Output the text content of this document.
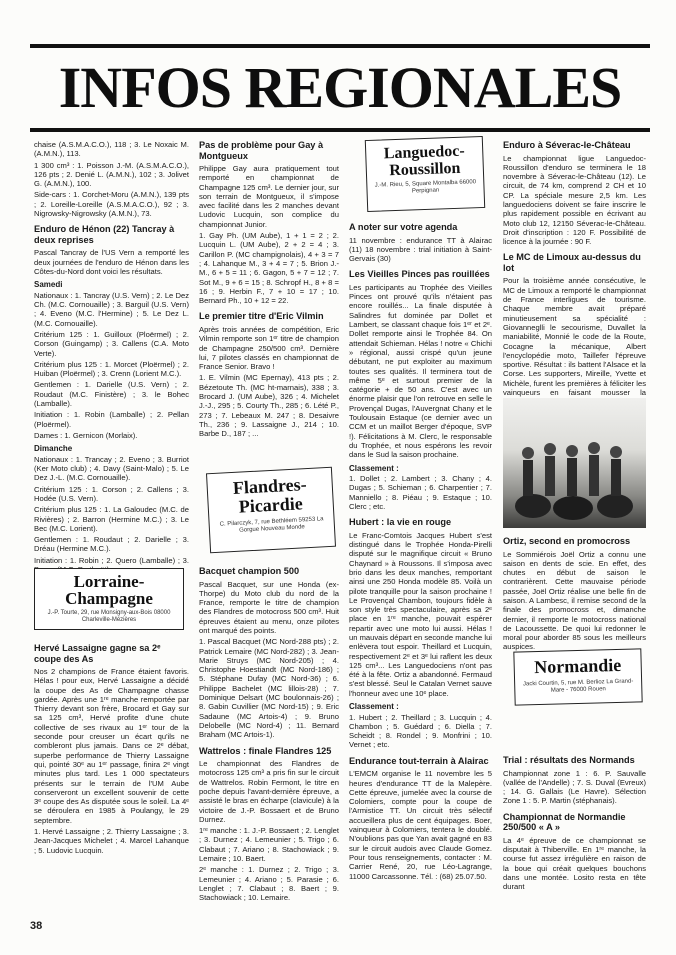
INFOS REGIONALES

chaise (A.S.M.A.C.O.), 118 ; 3. Le Noxaic M. (A.M.N.), 113.

1 300 cm³ : 1. Poisson J.-M. (A.S.M.A.C.O.), 126 pts ; 2. Denié L. (A.M.N.), 102 ; 3. Jolivet G. (A.M.N.), 100.

Side-cars : 1. Corchet-Moru (A.M.N.), 139 pts ; 2. Loreille-Loreille (A.S.M.A.C.O.), 92 ; 3. Nigrowsky-Nigrowsky (A.M.N.), 73.

Enduro de Hénon (22) Tancray à deux reprises

Pascal Tancray de l'US Vern a remporté les deux journées de l'enduro de Hénon dans les Côtes-du-Nord dont voici les résultats.

Samedi

Nationaux : 1. Tancray (U.S. Vern) ; 2. Le Dez Ch. (M.C. Cornouaille) ; 3. Barguil (U.S. Vern) ; 4. Eveno (M.C. l'Hermine) ; 5. Le Dez L. (M.C. Cornouaille).

Critérium 125 : 1. Guilloux (Ploërmel) ; 2. Corson (Guingamp) ; 3. Callens (C.A. Moto Verte).

Critérium plus 125 : 1. Morcet (Ploërmel) ; 2. Huiban (Ploërmel) ; 3. Crenn (Lorient M.C.).

Gentlemen : 1. Darielle (U.S. Vern) ; 2. Roudaut (M.C. Finistère) ; 3. le Bohec (Lamballe).

Initiation : 1. Robin (Lamballe) ; 2. Pellan (Ploërmel).

Dames : 1. Gernicon (Morlaix).

Dimanche

Nationaux : 1. Trancay ; 2. Eveno ; 3. Burriot (Ker Moto club) ; 4. Davy (Saint-Malo) ; 5. Le Dez J.-L. (M.C. Cornouaille).

Critérium 125 : 1. Corson ; 2. Callens ; 3. Hodée (U.S. Vern).

Critérium plus 125 : 1. La Galoudec (M.C. de Rivières) ; 2. Barron (Hermine M.C.) ; 3. Le Bec (M.C. Lorient).

Gentlemen : 1. Roudaut ; 2. Darielle ; 3. Dréau (Hermine M.C.).

Initiation : 1. Robin ; 2. Quero (Lamballe) ; 3.

Lorraine-
Champagne
J.-P. Tourte, 29, rue Monsigny-aux-Bois 08000 Charleville-Mézières
Hervé Lassaigne gagne sa 2ᵉ coupe des As

Nos 2 champions de France étaient favoris. Hélas ! pour eux, Hervé Lassaigne a décidé la coupe des As de Champagne chasse gardée. Après une 1ʳᵉ manche remportée par Thierry devant son frère, Brocard et Gay sur sa 125 cm³, Hervé profite d'une chute collective de ses rivaux au 1ᵉʳ tour de la seconde pour creuser un écart qu'ils ne combleront plus jamais. Dans ce 2ᵉ débat, superbe performance de Thierry Lassaigne qui, pointé 30ᵉ au 1ᵉʳ passage, finira 2ᵉ vingt minutes plus tard. Les 1 000 spectateurs présents sur le terrain de l'UM Aube conserveront un excellent souvenir de cette 3ᵉ coupe des As disputée sous le soleil. La 4ᵉ se déroulera en 1985 à Poulangy, le 29 septembre.

1. Hervé Lassaigne ; 2. Thierry Lassaigne ; 3. Jean-Jacques Michelet ; 4. Marcel Lahanque ; 5. Ludovic Lucquin.

Pas de problème pour Gay à Montgueux

Philippe Gay aura pratiquement tout remporté en championnat de Champagne 125 cm³. Le dernier jour, sur son terrain de Montgueux, il s'impose avec facilité dans les 2 manches devant Ludovic Lucquin, son complice du championnat Junior.

1. Gay Ph. (UM Aube), 1 + 1 = 2 ; 2. Lucquin L. (UM Aube), 2 + 2 = 4 ; 3. Carillon P. (MC champignolais), 4 + 3 = 7 ; 4. Lahanque M., 3 + 4 = 7 ; 5. Brion J.-M., 6 + 5 = 11 ; 6. Gagon, 5 + 7 = 12 ; 7. Sot M., 9 + 6 = 15 ; 8. Schropf H., 8 + 8 = 16 ; 9. Herbin F., 7 + 10 = 17 ; 10. Bernard Ph., 10 + 12 = 22.

Le premier titre d'Eric Vilmin

Après trois années de compétition, Eric Vilmin remporte son 1ᵉʳ titre de champion de Champagne 250/500 cm³. Dernière lui, 7 pilotes classés en championnat de France Senior. Bravo !

1. E. Vilmin (MC Epernay), 413 pts ; 2. Bézetoute Th. (MC ht-marnais), 338 ; 3. Brocard J. (UM Aube), 326 ; 4. Michelet J.-J., 295 ; 5. Courty Th., 285 ; 6. Lété P., 273 ; 7. Lebeaux M. 247 ; 8. Desaivre Th., 236 ; 9. Lassaigne J., 214 ; 10. Barbe D., 187 ; ...

Flandres-
Picardie
C. Pilarczyk, 7, rue Bethléem 59253 La Gorgue Nouveau Monde
Bacquet champion 500

Pascal Bacquet, sur une Honda (ex-Thorpe) du Moto club du nord de la France, remporte le titre de champion des Flandres de motocross 500 cm³. Huit épreuves étaient au menu, onze pilotes ont marqué des points.

1. Pascal Bacquet (MC Nord-288 pts) ; 2. Patrick Lemaire (MC Nord-282) ; 3. Jean-Marie Struys (MC Nord-205) ; 4. Christophe Hoestiandt (MC Nord-186) ; 5. Stéphane Dufay (MC Nord-36) ; 6. Philippe Bachelet (MC lillois-28) ; 7. Dominique Delsart (MC boulonnais-26) ; 8. Gabin Cuvillier (MC Nord-15) ; 9. Eric Sadaune (MC Artois-4) ; 9. Bruno Delobelle (MC Nord-4) ; 11. Bernard Braham (MC Artois-1).

Wattrelos : finale Flandres 125

Le championnat des Flandres de motocross 125 cm³ a pris fin sur le circuit de Wattrelos. Robin Fermont, le titre en poche depuis l'avant-dernière épreuve, a assisté le bras en écharpe (clavicule) à la victoire de J.-P. Bossaert et de Bruno Durnez.

1ʳᵉ manche : 1. J.-P. Bossaert ; 2. Lenglet ; 3. Durnez ; 4. Lemeunier ; 5. Trigo ; 6. Clabaut ; 7. Ariano ; 8. Stachowiack ; 9. Lemaire ; 10. Baert.

2ᵉ manche : 1. Durnez ; 2. Trigo ; 3. Lemeunier ; 4. Ariano ; 5. Parasie ; 6. Lenglet ; 7. Clabaut ; 8. Baert ; 9. Stachowiack ; 10. Lemaire.

Languedoc-
Roussillon
J.-M. Rieu, 5, Square Montalba 66000 Perpignan
A noter sur votre agenda

11 novembre : endurance TT à Alairac (11) 18 novembre : trial initiation à Saint-Gervais (30)

Les Vieilles Pinces pas rouillées

Les participants au Trophée des Vieilles Pinces ont prouvé qu'ils n'étaient pas encore rouillés... La finale disputée à Salindres fut dominée par Dollet et Lambert, se classant chaque fois 1ᵉʳ et 2ᵉ. Dollet remporte ainsi le Trophée 84. On attendait Schieman. Hélas ! notre « Chichi » régional, aussi crispé qu'un jeune débutant, ne put exploiter au maximum toutes ses qualités. Il terminera tout de même 5ᵉ et surtout premier de la catégorie + de 50 ans. C'est avec un énorme plaisir que l'on retrouve en selle le Provençal Dugas, l'Auvergnat Chany et le Toulousain Estaque (ce dernier avec un CCM et un maillot Berger d'époque, SVP !). Félicitations à M. Clerc, le responsable du Trophée, et nous espérons les revoir dans le Sud la saison prochaine.

Classement :

1. Dollet ; 2. Lambert ; 3. Chany ; 4. Dugas ; 5. Schieman ; 6. Charpentier ; 7. Manniello ; 8. Piéau ; 9. Estaque ; 10. Clerc ; etc.

Hubert : la vie en rouge

Le Franc-Comtois Jacques Hubert s'est distingué dans le Trophée Honda-Pirelli disputé sur le magnifique circuit « Bruno Chaynard » à Roussons. Il s'imposa avec brio dans les deux manches, remportant ainsi une 250 Honda modèle 85. Voilà un pilote tranquille pour la saison prochaine ! Le Provençal Chambon, toujours fidèle à son style très spectaculaire, après sa 2ᵉ place en 1ʳᵉ manche, pouvait espérer repartir avec une moto lui aussi. Hélas ! un mauvais départ en seconde manche lui enlèvera tout espoir. Theillard et Lucquin, respectivement 2ᵉ et 3ᵉ lui raflent les deux 125 cm³... Les Languedociens n'ont pas été à la fête. Ortiz a abandonné. Fermaud s'est blessé. Seul le Catalan Vernet sauve l'honneur avec une 10ᵉ place.

Classement :

1. Hubert ; 2. Theillard ; 3. Lucquin ; 4. Chambon ; 5. Guédard ; 6. Diella ; 7. Scheidt ; 8. Rondel ; 9. Monfrini ; 10. Vernet ; etc.

Endurance tout-terrain à Alairac

L'EMCM organise le 11 novembre les 5 heures d'endurance TT de la Malepère. Cette épreuve, jumelée avec la course de Colomiers, compte pour la coupe de l'Armistice TT. Un circuit très sélectif accueillera plus de cent équipages. Boer, vainqueur à Colomiers, tentera le doublé. N'oublions pas que Yan avait gagné en 83 sur le circuit audois avec Claude Gomez. Pour tous renseignements, contacter : M. Carrier René, 20, rue Léo-Lagrange, 11000 Carcassonne. Tél. : (68) 25.07.50.

Enduro à Séverac-le-Château

Le championnat ligue Languedoc-Roussillon d'enduro se terminera le 18 novembre à Séverac-le-Château (12). Le circuit, de 74 km, comprend 2 CH et 10 CP. La spéciale mesure 2,5 km. Les languedociens doivent se faire inscrire le plus rapidement possible en écrivant au Moto club 12, 12150 Séverac-le-Château. Droit d'inscription : 120 F. Possibilité de licence à la journée : 90 F.

Le MC de Limoux au-dessus du lot

Pour la troisième année consécutive, le MC de Limoux a remporté le championnat de France interligues de tourisme. Chaque membre avait préparé minutieusement sa spécialité : Giovanneglli le secourisme, Duvallet la maniabilité, Monnié le code de la Route, Cocagne la mécanique, Albert l'encyclopédie moto, Taillefer l'épreuve sportive. Résultat : ils battent l'Alsace et la Corse. Les supporters, Mireille, Yvette et Michèle, furent les premières à féliciter les vainqueurs en faisant mousser la

Ortiz, second en promocross

Le Sommiérois Joël Ortiz a connu une saison en dents de scie. En effet, des chutes en début de saison le contrarièrent. Cette mauvaise période passée, Joël Ortiz réalise une belle fin de saison. A Lambesc, il remise second de la finale des promocross et, dimanche dernier, il remporte le motocross national de Lacoussette. De quoi lui redonner le moral pour aborder 85 sous les meilleurs auspices.

Normandie
Jacki Courtin, 5, rue M. Berlioz La Grand-Mare - 76000 Rouen
Trial : résultats des Normands

Championnat zone 1 : 6. P. Sauvalle (vallée de l'Andelle) ; 7. S. Duval (Evreux) ; 14. G. Gallais (Le Havre). Sélection Zone 1 : 5. P. Martin (stéphanais).

Championnat de Normandie 250/500 « A »

La 4ᵉ épreuve de ce championnat se disputait à Thiberville. En 1ʳᵉ manche, la course fut assez irrégulière en raison de la boue qui créait quelques bouchons dans une montée. Losito resta en tête durant

38
